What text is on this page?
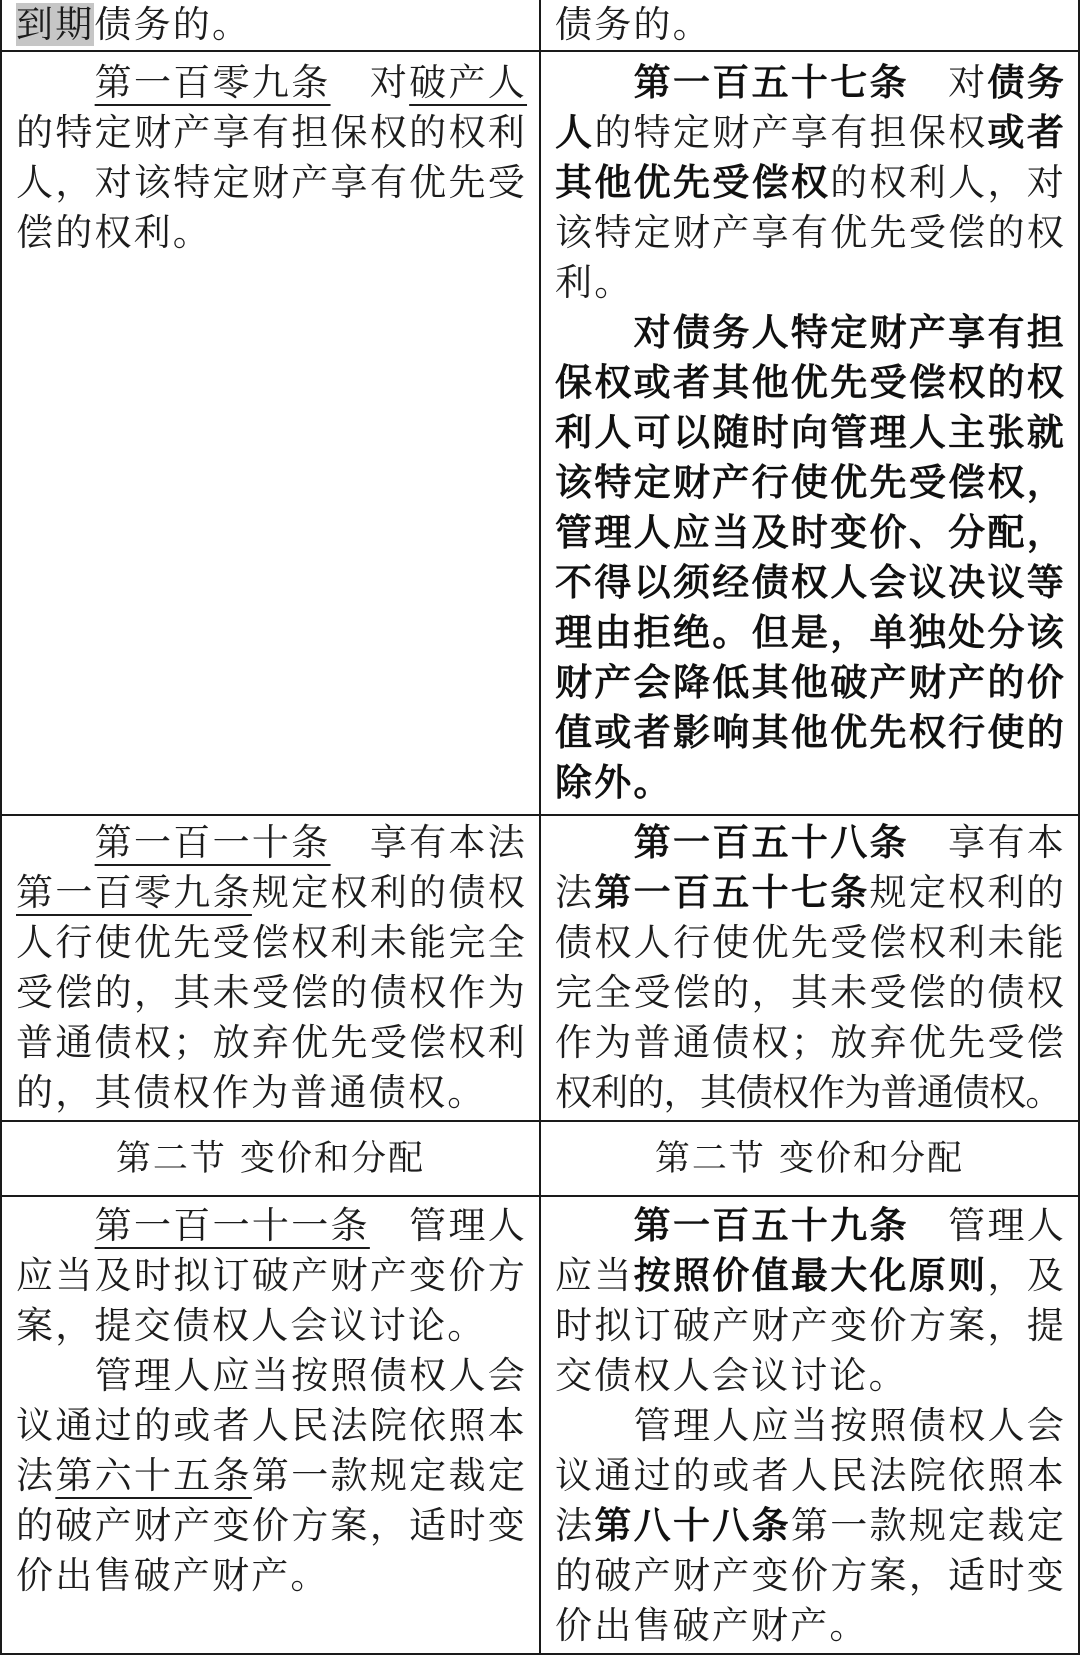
到期债务的。	债务的。
　　第一百零九条　对破产人
的特定财产享有担保权的权利
人，对该特定财产享有优先受
偿的权利。
　　第一百五十七条　对债务
人的特定财产享有担保权或者
其他优先受偿权的权利人，对
该特定财产享有优先受偿的权
利。
　　对债务人特定财产享有担
保权或者其他优先受偿权的权
利人可以随时向管理人主张就
该特定财产行使优先受偿权，
管理人应当及时变价、分配，
不得以须经债权人会议决议等
理由拒绝。但是，单独处分该
财产会降低其他破产财产的价
值或者影响其他优先权行使的
除外。
　　第一百一十条　享有本法
第一百零九条规定权利的债权
人行使优先受偿权利未能完全
受偿的，其未受偿的债权作为
普通债权；放弃优先受偿权利
的，其债权作为普通债权。
　　第一百五十八条　享有本
法第一百五十七条规定权利的
债权人行使优先受偿权利未能
完全受偿的，其未受偿的债权
作为普通债权；放弃优先受偿
权利的，其债权作为普通债权。
第二节 变价和分配	第二节 变价和分配
　　第一百一十一条　管理人
应当及时拟订破产财产变价方
案，提交债权人会议讨论。
　　管理人应当按照债权人会
议通过的或者人民法院依照本
法第六十五条第一款规定裁定
的破产财产变价方案，适时变
价出售破产财产。
　　第一百五十九条　管理人
应当按照价值最大化原则，及
时拟订破产财产变价方案，提
交债权人会议讨论。
　　管理人应当按照债权人会
议通过的或者人民法院依照本
法第八十八条第一款规定裁定
的破产财产变价方案，适时变
价出售破产财产。
